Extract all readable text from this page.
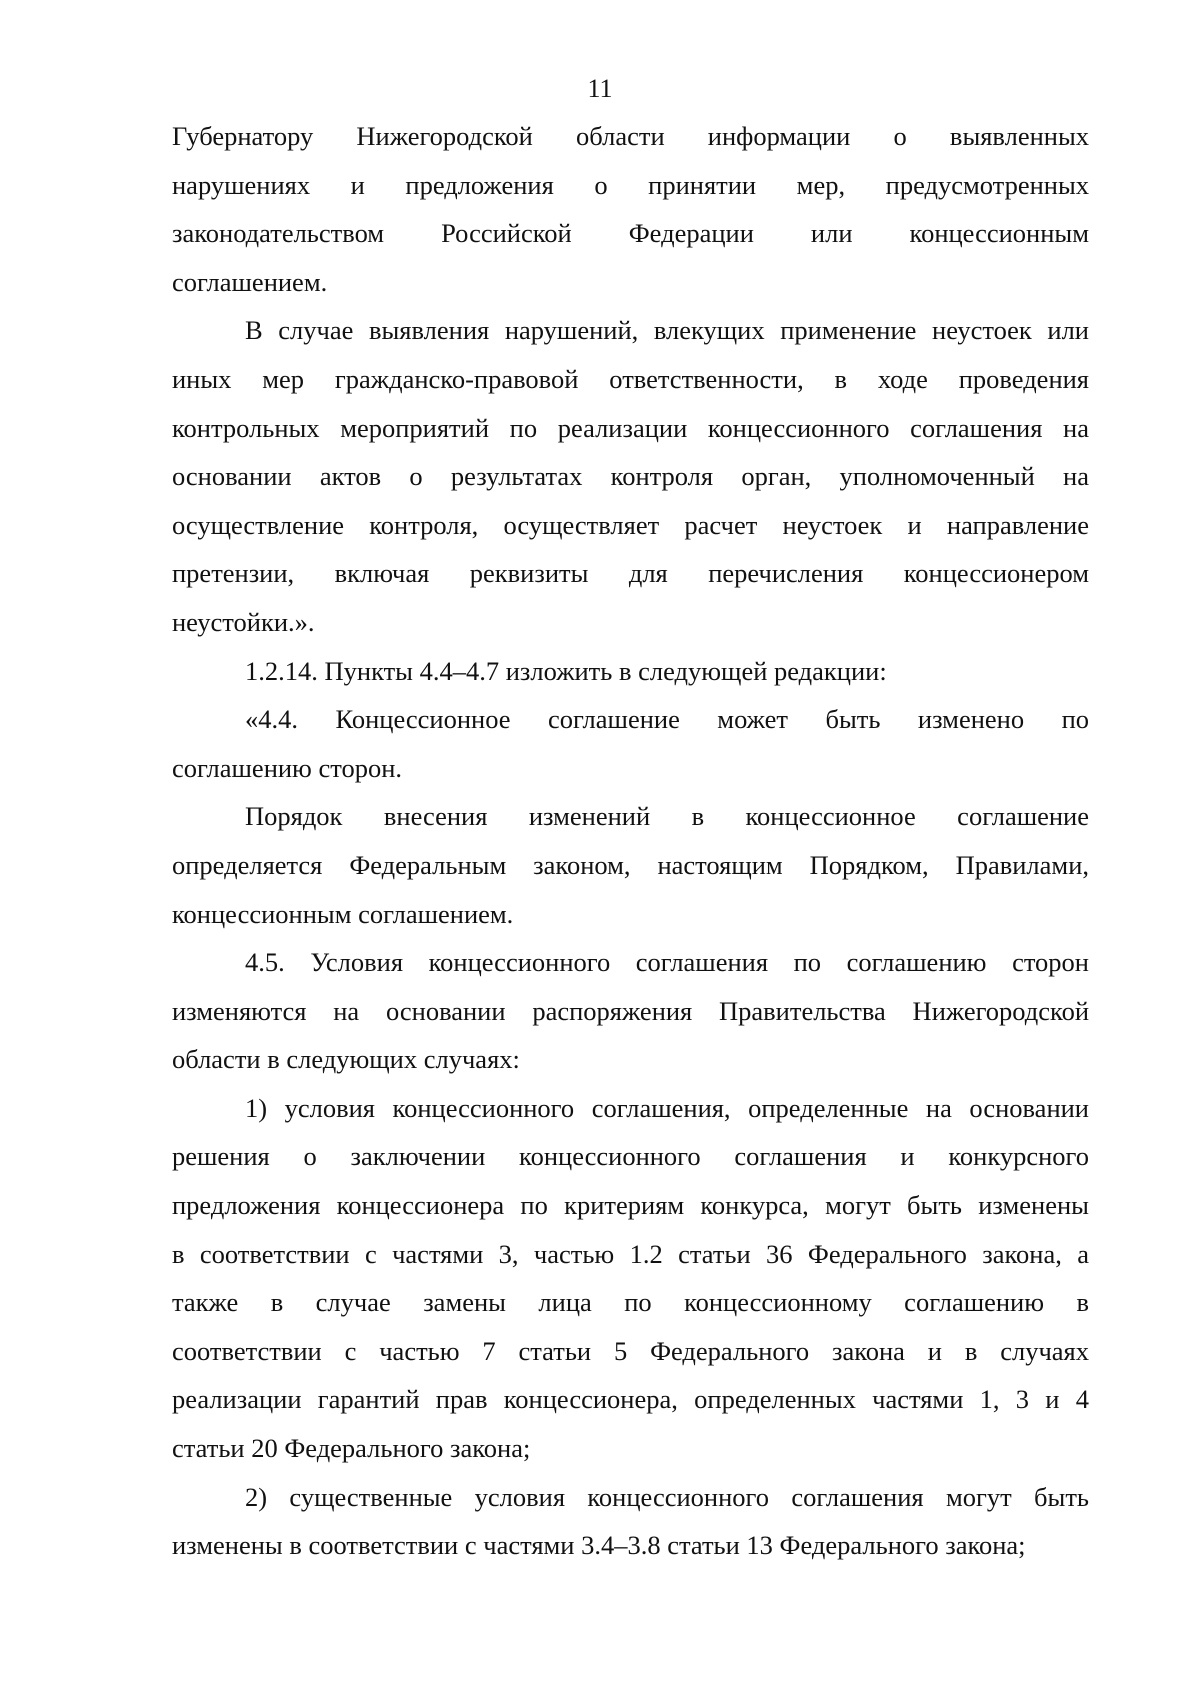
11

Губернатору Нижегородской области информации о выявленных
нарушениях и предложения о принятии мер, предусмотренных
законодательством Российской Федерации или концессионным
соглашением.

В случае выявления нарушений, влекущих применение неустоек или
иных мер гражданско-правовой ответственности, в ходе проведения
контрольных мероприятий по реализации концессионного соглашения на
основании актов о результатах контроля орган, уполномоченный на
осуществление контроля, осуществляет расчет неустоек и направление
претензии, включая реквизиты для перечисления концессионером
неустойки.».

1.2.14. Пункты 4.4–4.7 изложить в следующей редакции:

«4.4. Концессионное соглашение может быть изменено по
соглашению сторон.

Порядок внесения изменений в концессионное соглашение
определяется Федеральным законом, настоящим Порядком, Правилами,
концессионным соглашением.

4.5. Условия концессионного соглашения по соглашению сторон
изменяются на основании распоряжения Правительства Нижегородской
области в следующих случаях:

1) условия концессионного соглашения, определенные на основании
решения о заключении концессионного соглашения и конкурсного
предложения концессионера по критериям конкурса, могут быть изменены
в соответствии с частями 3, частью 1.2 статьи 36 Федерального закона, а
также в случае замены лица по концессионному соглашению в
соответствии с частью 7 статьи 5 Федерального закона и в случаях
реализации гарантий прав концессионера, определенных частями 1, 3 и 4
статьи 20 Федерального закона;

2) существенные условия концессионного соглашения могут быть
изменены в соответствии с частями 3.4–3.8 статьи 13 Федерального закона;
